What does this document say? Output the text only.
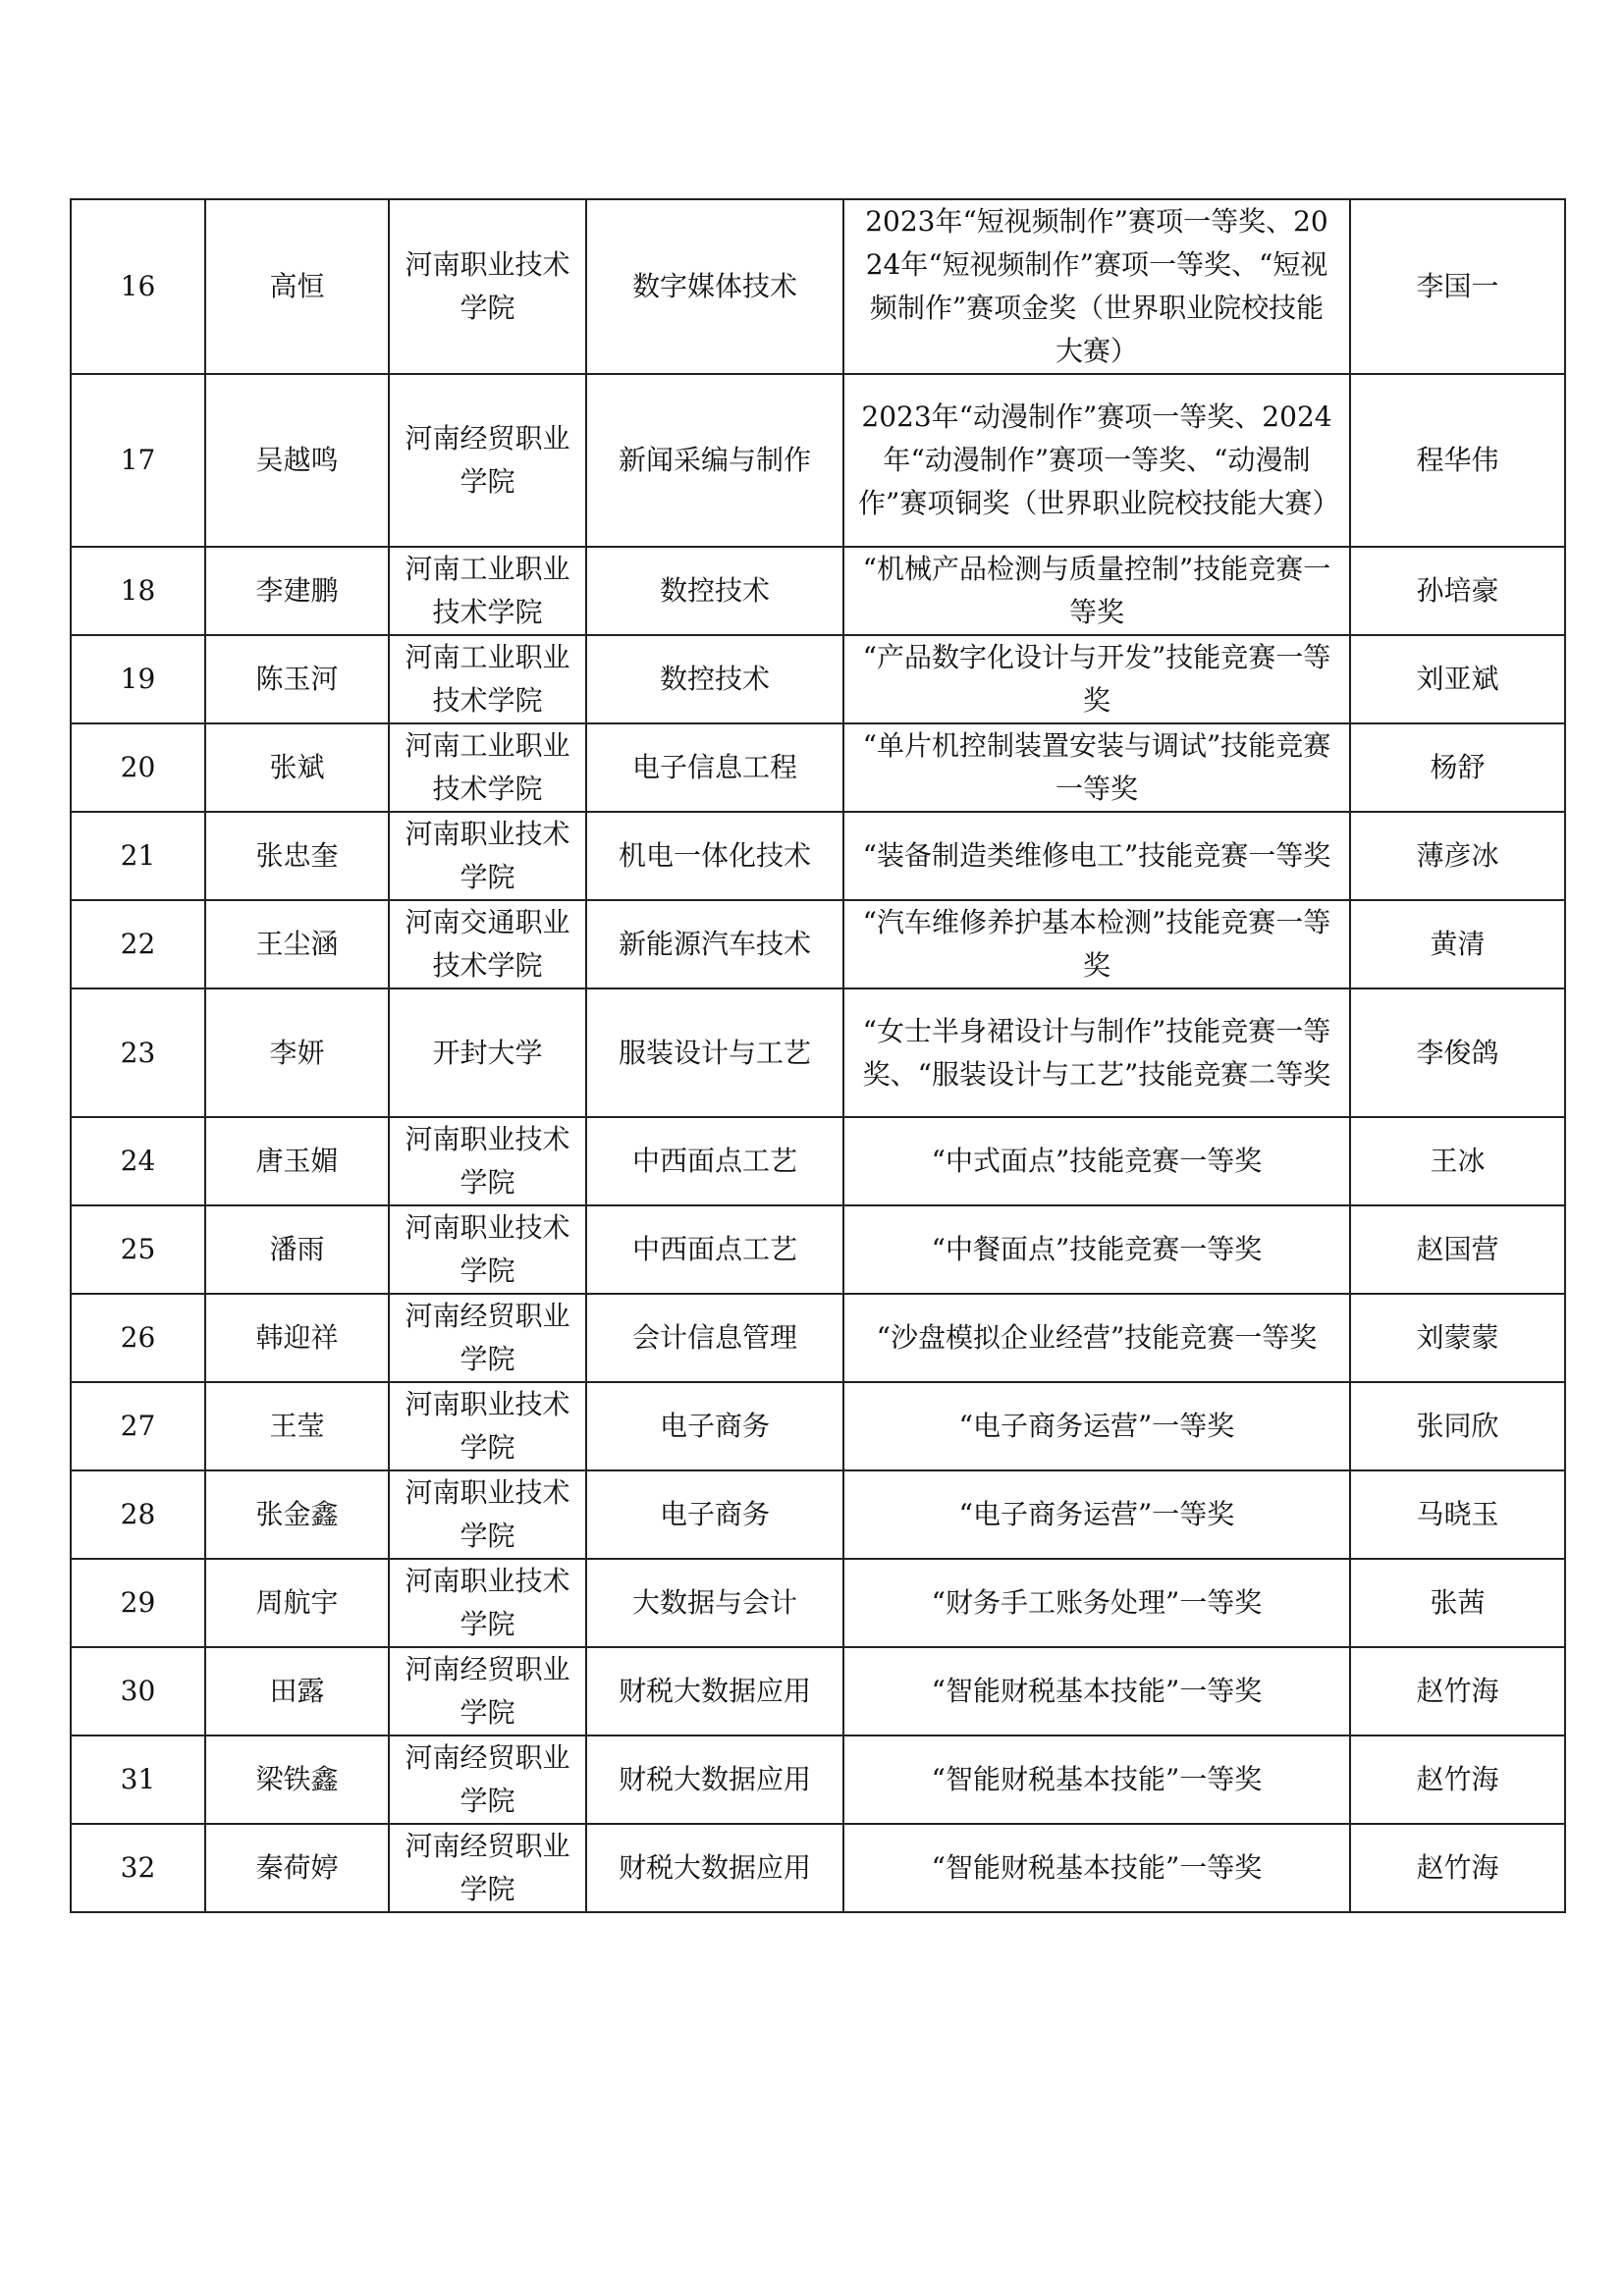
16	高恒	河南职业技术学院	数字媒体技术	2023年“短视频制作”赛项一等奖、2024年“短视频制作”赛项一等奖、“短视频制作”赛项金奖（世界职业院校技能大赛）	李国一
17	吴越鸣	河南经贸职业学院	新闻采编与制作	2023年“动漫制作”赛项一等奖、2024年“动漫制作”赛项一等奖、“动漫制作”赛项铜奖（世界职业院校技能大赛）	程华伟
18	李建鹏	河南工业职业技术学院	数控技术	“机械产品检测与质量控制”技能竞赛一等奖	孙培豪
19	陈玉河	河南工业职业技术学院	数控技术	“产品数字化设计与开发”技能竞赛一等奖	刘亚斌
20	张斌	河南工业职业技术学院	电子信息工程	“单片机控制装置安装与调试”技能竞赛一等奖	杨舒
21	张忠奎	河南职业技术学院	机电一体化技术	“装备制造类维修电工”技能竞赛一等奖	薄彦冰
22	王尘涵	河南交通职业技术学院	新能源汽车技术	“汽车维修养护基本检测”技能竞赛一等奖	黄清
23	李妍	开封大学	服装设计与工艺	“女士半身裙设计与制作”技能竞赛一等奖、“服装设计与工艺”技能竞赛二等奖	李俊鸽
24	唐玉媚	河南职业技术学院	中西面点工艺	“中式面点”技能竞赛一等奖	王冰
25	潘雨	河南职业技术学院	中西面点工艺	“中餐面点”技能竞赛一等奖	赵国营
26	韩迎祥	河南经贸职业学院	会计信息管理	“沙盘模拟企业经营”技能竞赛一等奖	刘蒙蒙
27	王莹	河南职业技术学院	电子商务	“电子商务运营”一等奖	张同欣
28	张金鑫	河南职业技术学院	电子商务	“电子商务运营”一等奖	马晓玉
29	周航宇	河南职业技术学院	大数据与会计	“财务手工账务处理”一等奖	张茜
30	田露	河南经贸职业学院	财税大数据应用	“智能财税基本技能”一等奖	赵竹海
31	梁铁鑫	河南经贸职业学院	财税大数据应用	“智能财税基本技能”一等奖	赵竹海
32	秦荷婷	河南经贸职业学院	财税大数据应用	“智能财税基本技能”一等奖	赵竹海
